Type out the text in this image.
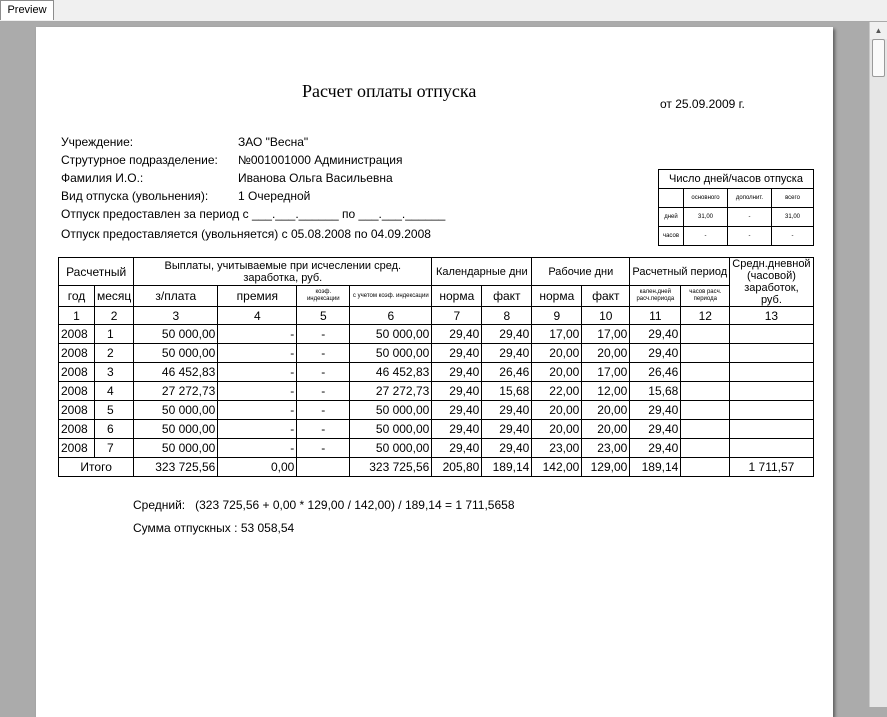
Preview
▲
Расчет оплаты отпуска
от 25.09.2009 г.
Учреждение:	ЗАО "Весна"
Струтурное подразделение: №001001000 Администрация
Фамилия И.О.:	Иванова Ольга Васильевна
Вид отпуска (увольнения): 1 Очередной
Отпуск предоставлен за период с ___.___.______ по ___.___.______
Отпуск предоставляется (увольняется) с 05.08.2008 по 04.09.2008
Число дней/часов отпуска			
	основного	дополнит.	всего
дней	31,00	-	31,00
часов	-	-	-
Расчетный		Выплаты, учитываемые при исчеслении сред. заработка, руб.				Календарные дни		Рабочие дни		Расчетный период		Средн.дневной (часовой) заработок, руб.
год	месяц	з/плата	премия	коэф. индексации	с учетом коэф. индексации	норма	факт	норма	факт	кален.дней расч.периода	часов расч. периода	
1	2	3	4	5	6	7	8	9	10	11	12	13
2008	1	50 000,00	-	-	50 000,00	29,40	29,40	17,00	17,00	29,40		
2008	2	50 000,00	-	-	50 000,00	29,40	29,40	20,00	20,00	29,40		
2008	3	46 452,83	-	-	46 452,83	29,40	26,46	20,00	17,00	26,46		
2008	4	27 272,73	-	-	27 272,73	29,40	15,68	22,00	12,00	15,68		
2008	5	50 000,00	-	-	50 000,00	29,40	29,40	20,00	20,00	29,40		
2008	6	50 000,00	-	-	50 000,00	29,40	29,40	20,00	20,00	29,40		
2008	7	50 000,00	-	-	50 000,00	29,40	29,40	23,00	23,00	29,40		
Итого		323 725,56	0,00		323 725,56	205,80	189,14	142,00	129,00	189,14		1 711,57
Средний:   (323 725,56 + 0,00 * 129,00 / 142,00) / 189,14 = 1 711,5658
Сумма отпускных : 53 058,54
